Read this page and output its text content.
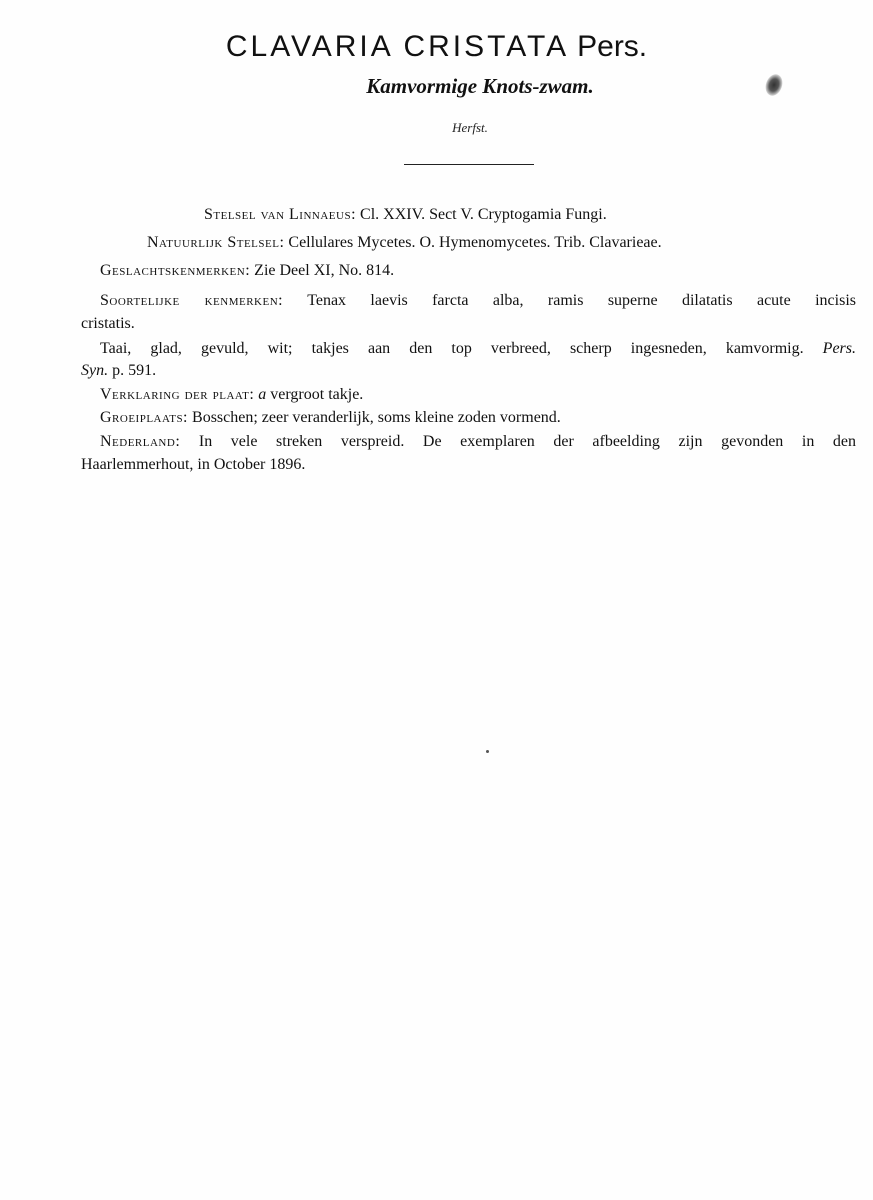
CLAVARIA CRISTATA Pers.
Kamvormige Knots-zwam.
Herfst.
Stelsel van Linnaeus: Cl. XXIV. Sect V. Cryptogamia Fungi.
Natuurlijk Stelsel: Cellulares Mycetes. O. Hymenomycetes. Trib. Clavarieae.
Geslachtskenmerken: Zie Deel XI, No. 814.
Soortelijke kenmerken: Tenax laevis farcta alba, ramis superne dilatatis acute incisis
cristatis.
Taai, glad, gevuld, wit; takjes aan den top verbreed, scherp ingesneden, kamvormig. Pers.
Syn. p. 591.
Verklaring der plaat: a vergroot takje.
Groeiplaats: Bosschen; zeer veranderlijk, soms kleine zoden vormend.
Nederland: In vele streken verspreid. De exemplaren der afbeelding zijn gevonden in den
Haarlemmerhout, in October 1896.
